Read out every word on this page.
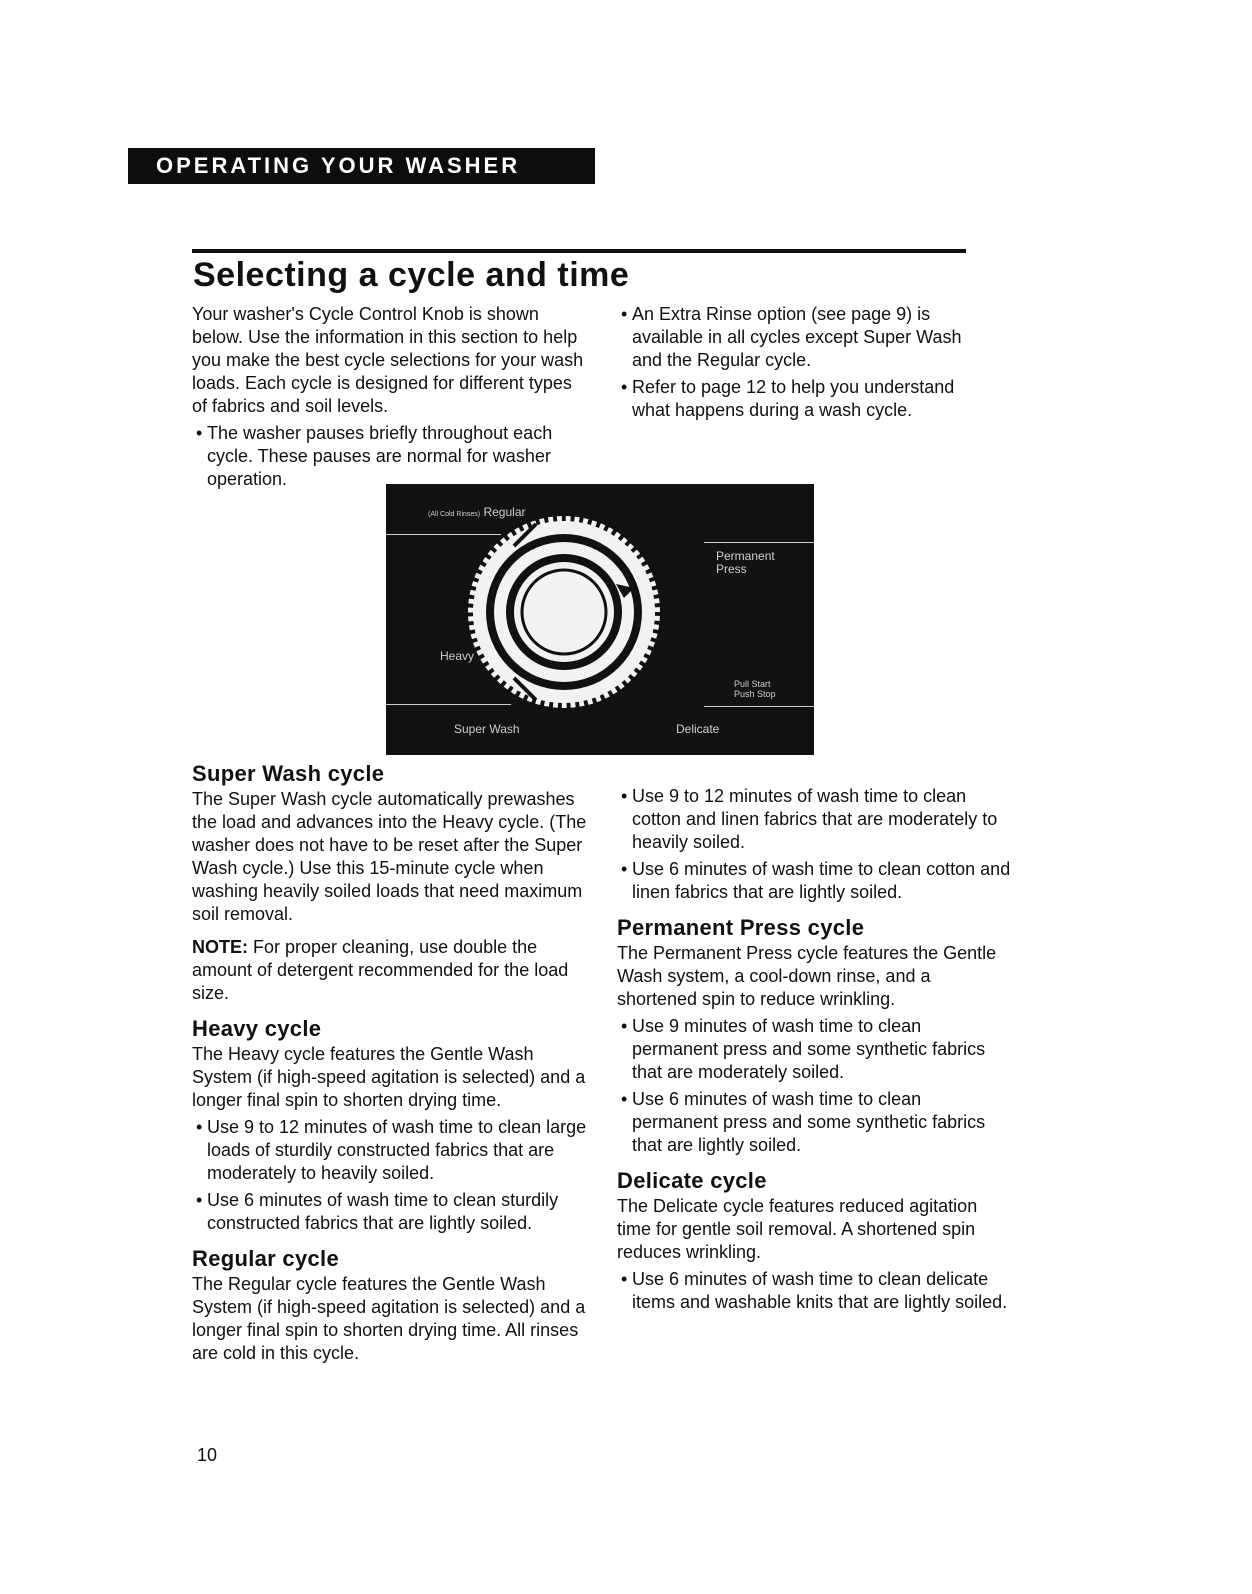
OPERATING YOUR WASHER
Selecting a cycle and time

Your washer's Cycle Control Knob is shown below. Use the information in this section to help you make the best cycle selections for your wash loads. Each cycle is designed for different types of fabrics and soil levels.

• The washer pauses briefly throughout each cycle. These pauses are normal for washer operation.

• An Extra Rinse option (see page 9) is available in all cycles except Super Wash and the Regular cycle.

• Refer to page 12 to help you understand what happens during a wash cycle.

(All Cold Rinses) Regular
Permanent Press
Heavy
Pull Start
Push Stop
Super Wash	Delicate
Super Wash cycle

The Super Wash cycle automatically prewashes the load and advances into the Heavy cycle. (The washer does not have to be reset after the Super Wash cycle.) Use this 15-minute cycle when washing heavily soiled loads that need maximum soil removal.

NOTE: For proper cleaning, use double the amount of detergent recommended for the load size.

Heavy cycle

The Heavy cycle features the Gentle Wash System (if high-speed agitation is selected) and a longer final spin to shorten drying time.

• Use 9 to 12 minutes of wash time to clean large loads of sturdily constructed fabrics that are moderately to heavily soiled.

• Use 6 minutes of wash time to clean sturdily constructed fabrics that are lightly soiled.

Regular cycle

The Regular cycle features the Gentle Wash System (if high-speed agitation is selected) and a longer final spin to shorten drying time. All rinses are cold in this cycle.

• Use 9 to 12 minutes of wash time to clean cotton and linen fabrics that are moderately to heavily soiled.

• Use 6 minutes of wash time to clean cotton and linen fabrics that are lightly soiled.

Permanent Press cycle

The Permanent Press cycle features the Gentle Wash system, a cool-down rinse, and a shortened spin to reduce wrinkling.

• Use 9 minutes of wash time to clean permanent press and some synthetic fabrics that are moderately soiled.

• Use 6 minutes of wash time to clean permanent press and some synthetic fabrics that are lightly soiled.

Delicate cycle

The Delicate cycle features reduced agitation time for gentle soil removal. A shortened spin reduces wrinkling.

• Use 6 minutes of wash time to clean delicate items and washable knits that are lightly soiled.

10
